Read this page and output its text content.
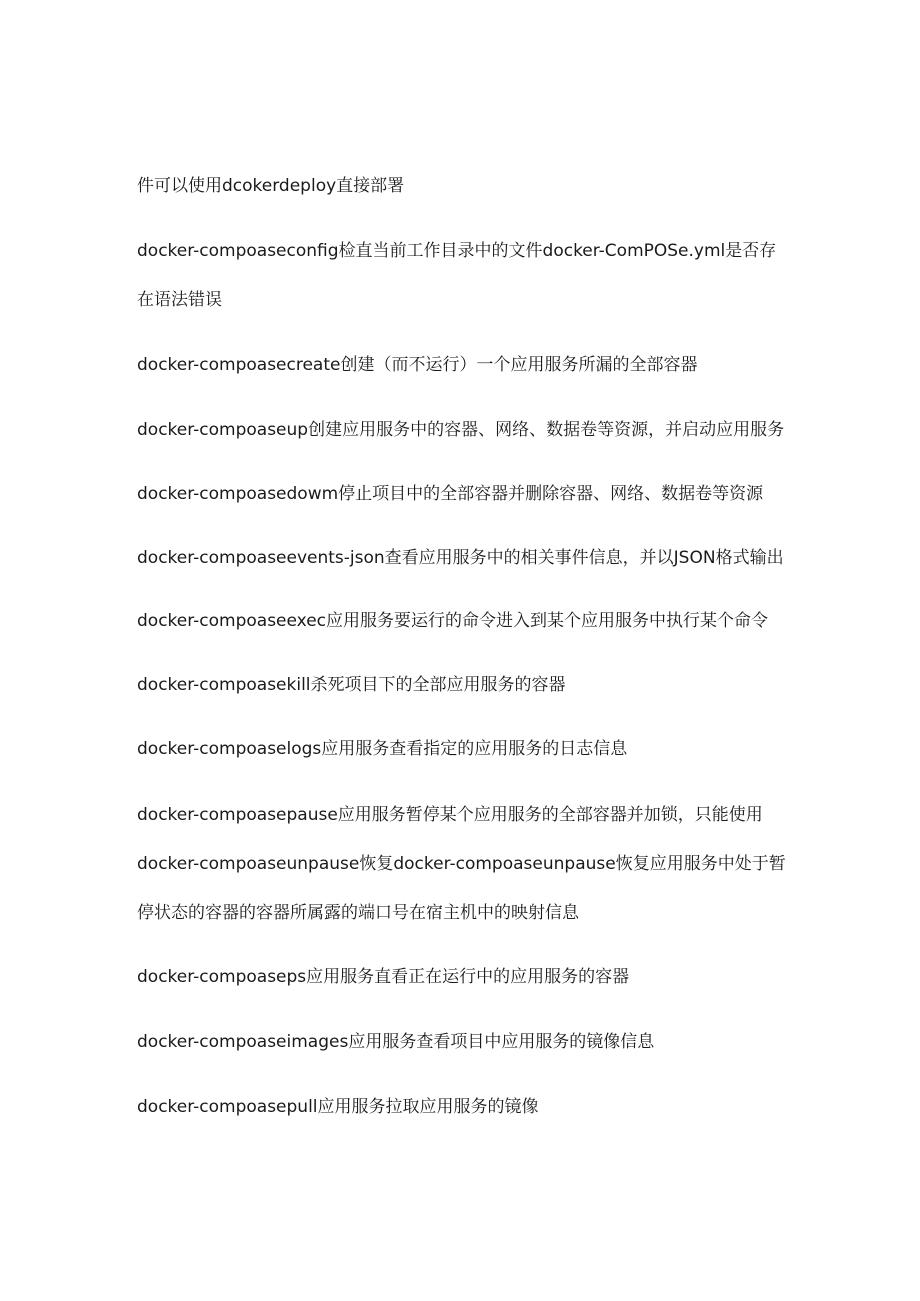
件可以使用dcokerdeploy直接部署
docker-compoaseconfig检直当前工作目录中的文件docker-ComPOSe.yml是否存
在语法错误
docker-compoasecreate创建（而不运行）一个应用服务所漏的全部容器
docker-compoaseup创建应用服务中的容器、网络、数据卷等资源，并启动应用服务
docker-compoasedowm停止项目中的全部容器并删除容器、网络、数据卷等资源
docker-compoaseevents-json查看应用服务中的相关事件信息，并以JSON格式输出
docker-compoaseexec应用服务要运行的命令进入到某个应用服务中执行某个命令
docker-compoasekill杀死项目下的全部应用服务的容器
docker-compoaselogs应用服务查看指定的应用服务的日志信息
docker-compoasepause应用服务暂停某个应用服务的全部容器并加锁，只能使用
docker-compoaseunpause恢复docker-compoaseunpause恢复应用服务中处于暂
停状态的容器的容器所属露的端口号在宿主机中的映射信息
docker-compoaseps应用服务直看正在运行中的应用服务的容器
docker-compoaseimages应用服务查看项目中应用服务的镜像信息
docker-compoasepull应用服务拉取应用服务的镜像
